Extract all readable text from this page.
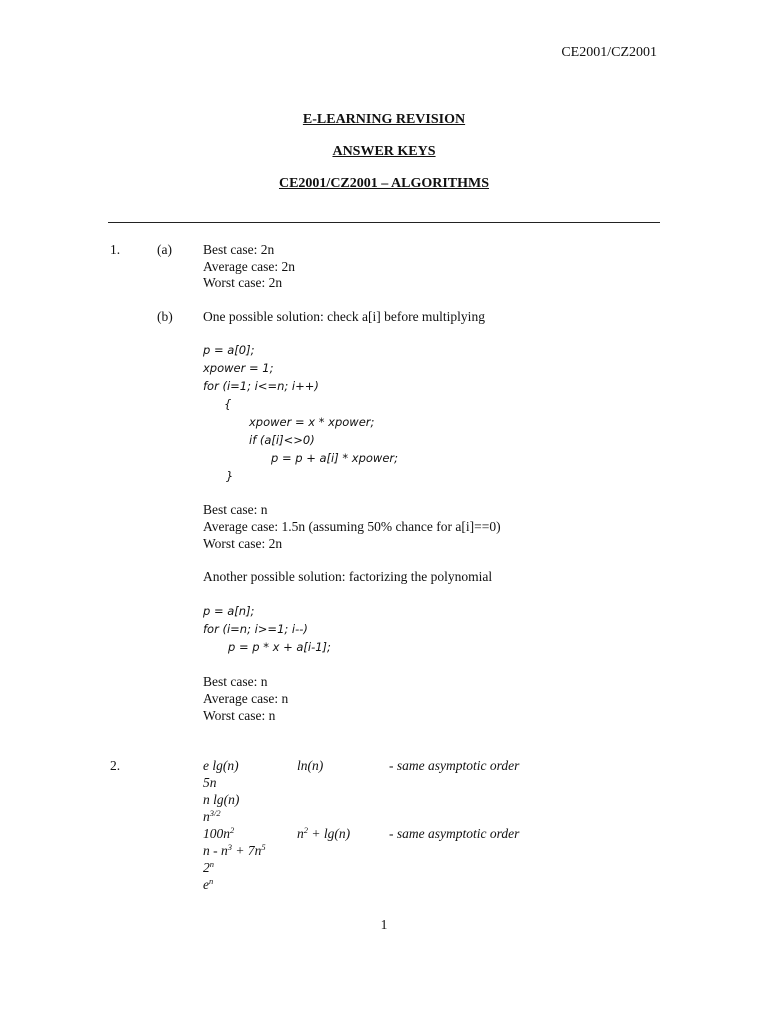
CE2001/CZ2001
E-LEARNING REVISION
ANSWER KEYS
CE2001/CZ2001 – ALGORITHMS
1.	(a) Best case: 2n
Average case: 2n
Worst case: 2n
(b) One possible solution: check a[i] before multiplying
p = a[0];
xpower = 1;
for (i=1; i<=n; i++)
{
xpower = x * xpower;
if (a[i]<>0)
p = p + a[i] * xpower;
}
Best case: n
Average case: 1.5n (assuming 50% chance for a[i]==0)
Worst case: 2n
Another possible solution: factorizing the polynomial
p = a[n];
for (i=n; i>=1; i--)
p = p * x + a[i-1];
Best case: n
Average case: n
Worst case: n
2.	e lg(n)	ln(n)	- same asymptotic order
5n
n lg(n)
$n^{3/2}$
$100n^2$	$n^2 + \lg(n)$	- same asymptotic order
$n - n^3 + 7n^5$
2$^n$
$e^n$
1
